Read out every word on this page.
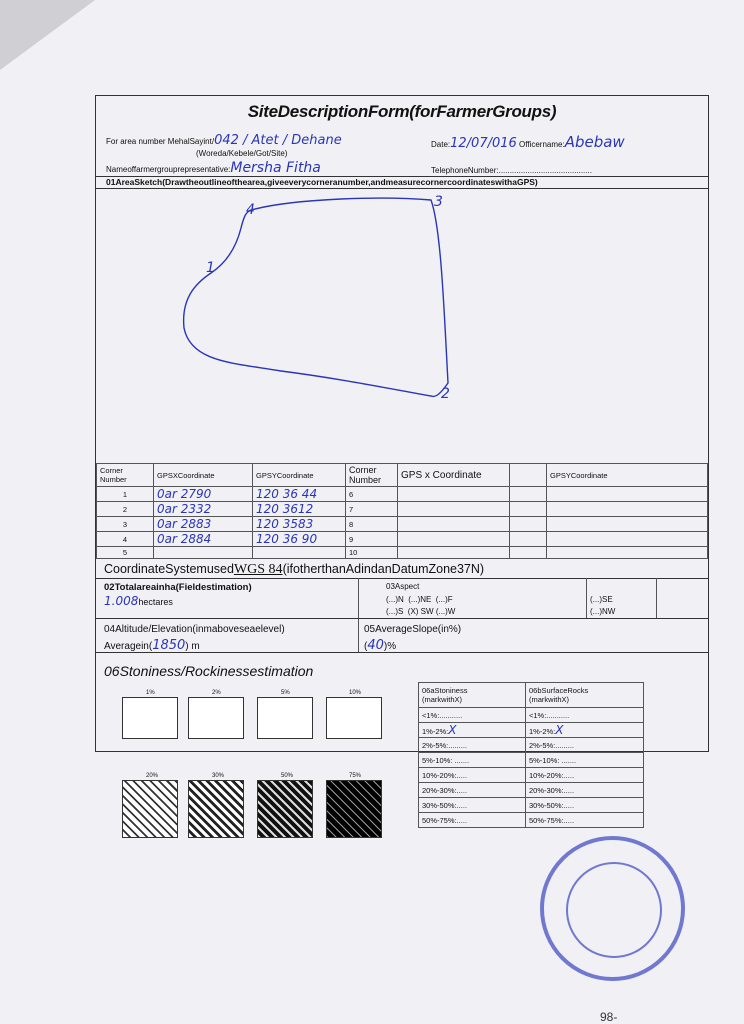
SiteDescriptionForm(forFarmerGroups)
For area number MehalSayint/042 / Atet / Dehane	Date:12/07/016 Officername:Abebaw
(Woreda/Kebele/Got/Site)
Nameoffarmergrouprepresentative:Mersha Fitha	TelephoneNumber:..........................................
01AreaSketch(Drawtheoutlineofthearea,giveeverycorneranumber,andmeasurecornercoordinateswithaGPS)
1
4	3
2
Corner Number	GPSXCoordinate	GPSYCoordinate	Corner Number	GPS x Coordinate		GPSYCoordinate
1	0ar 2790	120 36 44	6			
2	0ar 2332	120 3612	7			
3	0ar 2883	120 3583	8			
4	0ar 2884	120 36 90	9			
5			10			
CoordinateSystemusedWGS 84(ifotherthanAdindanDatumZone37N)
02Totalareainha(Fieldestimation)
1.008hectares
03Aspect
(...)N (...)NE (...)F
(...)S (X) SW (...)W
(...)SE
(...)NW
04Altitude/Elevation(inmaboveseaelevel)
Averagein(1850) m
05AverageSlope(in%)
(40)%
06Stoniness/Rockinessestimation
1%	2%	5%	10%
20%	30%	50%	75%
06aStoniness
(markwithX)	06bSurfaceRocks
(markwithX)
<1%:...........	<1%:...........
1%-2%:X	1%-2%:X
2%-5%:.........	2%-5%:.........
5%-10%: .......	5%-10%: .......
10%-20%:.....	10%-20%:.....
20%-30%:.....	20%-30%:.....
30%-50%:.....	30%-50%:.....
50%-75%:.....	50%-75%:.....
98-
